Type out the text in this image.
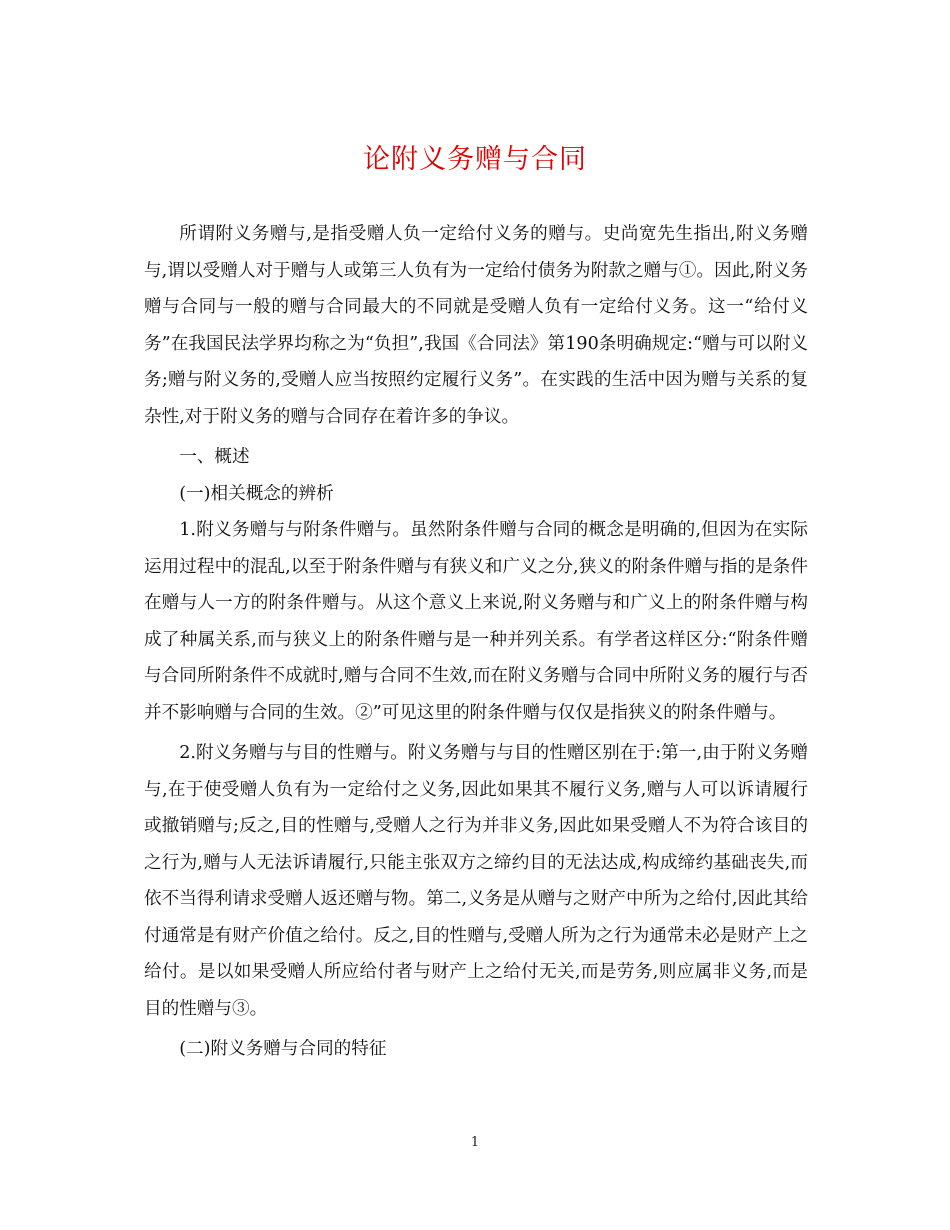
论附义务赠与合同

所谓附义务赠与,是指受赠人负一定给付义务的赠与。史尚宽先生指出,附义务赠与,谓以受赠人对于赠与人或第三人负有为一定给付债务为附款之赠与①。因此,附义务赠与合同与一般的赠与合同最大的不同就是受赠人负有一定给付义务。这一“给付义务”在我国民法学界均称之为“负担”,我国《合同法》第190条明确规定:“赠与可以附义务;赠与附义务的,受赠人应当按照约定履行义务”。在实践的生活中因为赠与关系的复杂性,对于附义务的赠与合同存在着许多的争议。

一、概述

(一)相关概念的辨析

1.附义务赠与与附条件赠与。虽然附条件赠与合同的概念是明确的,但因为在实际运用过程中的混乱,以至于附条件赠与有狭义和广义之分,狭义的附条件赠与指的是条件在赠与人一方的附条件赠与。从这个意义上来说,附义务赠与和广义上的附条件赠与构成了种属关系,而与狭义上的附条件赠与是一种并列关系。有学者这样区分:“附条件赠与合同所附条件不成就时,赠与合同不生效,而在附义务赠与合同中所附义务的履行与否并不影响赠与合同的生效。②”可见这里的附条件赠与仅仅是指狭义的附条件赠与。

2.附义务赠与与目的性赠与。附义务赠与与目的性赠区别在于:第一,由于附义务赠与,在于使受赠人负有为一定给付之义务,因此如果其不履行义务,赠与人可以诉请履行或撤销赠与;反之,目的性赠与,受赠人之行为并非义务,因此如果受赠人不为符合该目的之行为,赠与人无法诉请履行,只能主张双方之缔约目的无法达成,构成缔约基础丧失,而依不当得利请求受赠人返还赠与物。第二,义务是从赠与之财产中所为之给付,因此其给付通常是有财产价值之给付。反之,目的性赠与,受赠人所为之行为通常未必是财产上之给付。是以如果受赠人所应给付者与财产上之给付无关,而是劳务,则应属非义务,而是目的性赠与③。

(二)附义务赠与合同的特征

1
